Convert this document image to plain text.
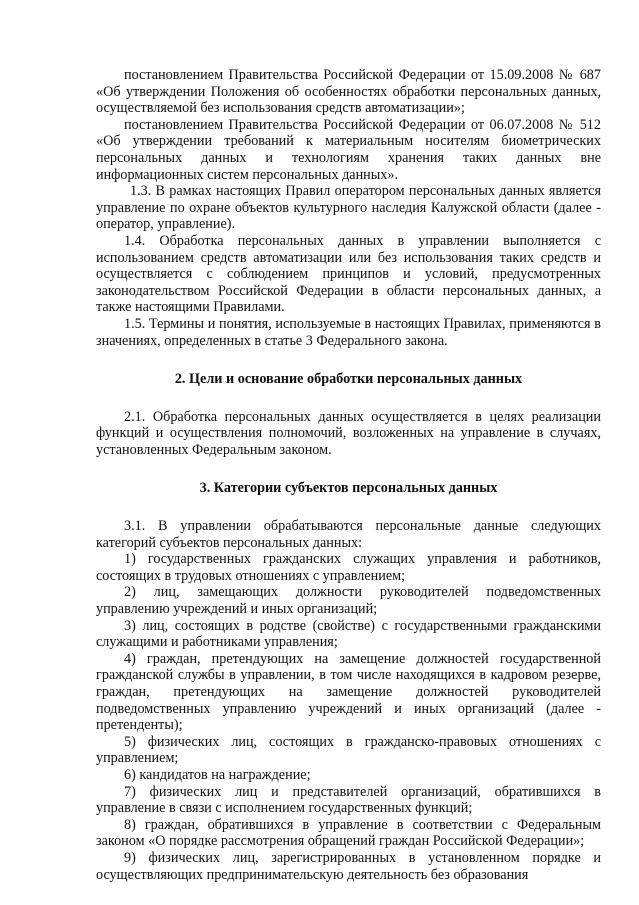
постановлением Правительства Российской Федерации от 15.09.2008 № 687 «Об утверждении Положения об особенностях обработки персональных данных, осуществляемой без использования средств автоматизации»;

постановлением Правительства Российской Федерации от 06.07.2008 № 512 «Об утверждении требований к материальным носителям биометрических персональных данных и технологиям хранения таких данных вне информационных систем персональных данных».

1.3. В рамках настоящих Правил оператором персональных данных является управление по охране объектов культурного наследия Калужской области (далее - оператор, управление).

1.4. Обработка персональных данных в управлении выполняется с использованием средств автоматизации или без использования таких средств и осуществляется с соблюдением принципов и условий, предусмотренных законодательством Российской Федерации в области персональных данных, а также настоящими Правилами.

1.5. Термины и понятия, используемые в настоящих Правилах, применяются в значениях, определенных в статье 3 Федерального закона.

2. Цели и основание обработки персональных данных

2.1. Обработка персональных данных осуществляется в целях реализации функций и осуществления полномочий, возложенных на управление в случаях, установленных Федеральным законом.

3. Категории субъектов персональных данных

3.1. В управлении обрабатываются персональные данные следующих категорий субъектов персональных данных:

1) государственных гражданских служащих управления и работников, состоящих в трудовых отношениях с управлением;

2) лиц, замещающих должности руководителей подведомственных управлению учреждений и иных организаций;

3) лиц, состоящих в родстве (свойстве) с государственными гражданскими служащими и работниками управления;

4) граждан, претендующих на замещение должностей государственной гражданской службы в управлении, в том числе находящихся в кадровом резерве, граждан, претендующих на замещение должностей руководителей подведомственных управлению учреждений и иных организаций (далее - претенденты);

5) физических лиц, состоящих в гражданско-правовых отношениях с управлением;

6) кандидатов на награждение;

7) физических лиц и представителей организаций, обратившихся в управление в связи с исполнением государственных функций;

8) граждан, обратившихся в управление в соответствии с Федеральным законом «О порядке рассмотрения обращений граждан Российской Федерации»;

9) физических лиц, зарегистрированных в установленном порядке и осуществляющих предпринимательскую деятельность без образования
